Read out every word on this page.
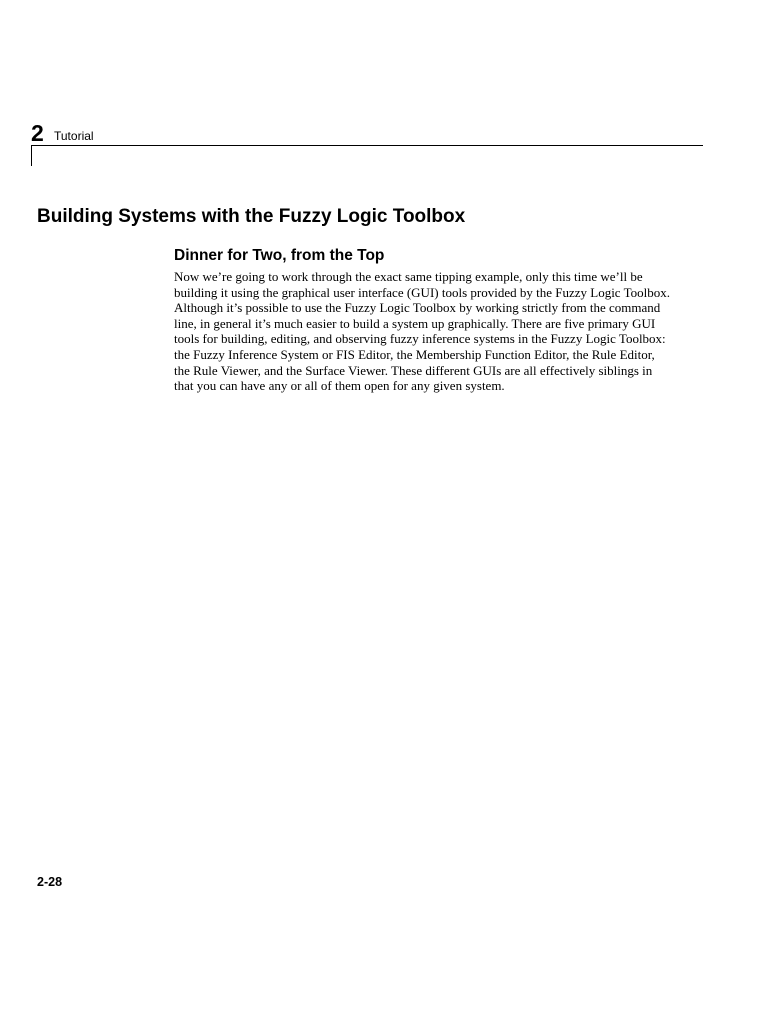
2 Tutorial
Building Systems with the Fuzzy Logic Toolbox
Dinner for Two, from the Top

Now we’re going to work through the exact same tipping example, only this time we’ll be building it using the graphical user interface (GUI) tools provided by the Fuzzy Logic Toolbox. Although it’s possible to use the Fuzzy Logic Toolbox by working strictly from the command line, in general it’s much easier to build a system up graphically. There are five primary GUI tools for building, editing, and observing fuzzy inference systems in the Fuzzy Logic Toolbox: the Fuzzy Inference System or FIS Editor, the Membership Function Editor, the Rule Editor, the Rule Viewer, and the Surface Viewer. These different GUIs are all effectively siblings in that you can have any or all of them open for any given system.

2-28
